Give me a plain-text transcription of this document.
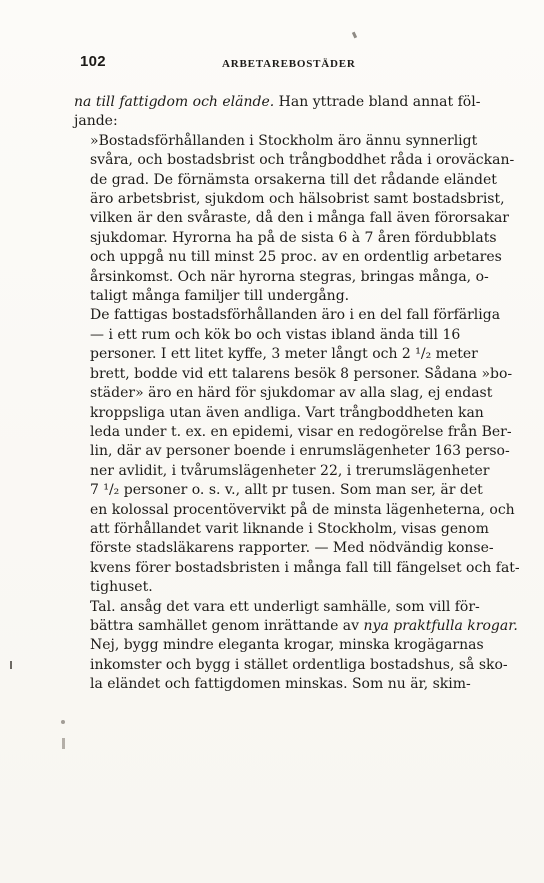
102	ARBETAREBOSTÄDER

na till fattigdom och elände. Han yttrade bland annat föl-
jande:

»Bostadsförhållanden i Stockholm äro ännu synnerligt
svåra, och bostadsbrist och trångboddhet råda i oroväckan-
de grad. De förnämsta orsakerna till det rådande eländet
äro arbetsbrist, sjukdom och hälsobrist samt bostadsbrist,
vilken är den svåraste, då den i många fall även förorsakar
sjukdomar. Hyrorna ha på de sista 6 à 7 åren fördubblats
och uppgå nu till minst 25 proc. av en ordentlig arbetares
årsinkomst. Och när hyrorna stegras, bringas många, o-
taligt många familjer till undergång.

De fattigas bostadsförhållanden äro i en del fall förfärliga
— i ett rum och kök bo och vistas ibland ända till 16
personer. I ett litet kyffe, 3 meter långt och 2 ¹/₂ meter
brett, bodde vid ett talarens besök 8 personer. Sådana »bo-
städer» äro en härd för sjukdomar av alla slag, ej endast
kroppsliga utan även andliga. Vart trångboddheten kan
leda under t. ex. en epidemi, visar en redogörelse från Ber-
lin, där av personer boende i enrumslägenheter 163 perso-
ner avlidit, i tvårumslägenheter 22, i trerumslägenheter
7 ¹/₂ personer o. s. v., allt pr tusen. Som man ser, är det
en kolossal procentövervikt på de minsta lägenheterna, och
att förhållandet varit liknande i Stockholm, visas genom
förste stadsläkarens rapporter. — Med nödvändig konse-
kvens förer bostadsbristen i många fall till fängelset och fat-
tighuset.

Tal. ansåg det vara ett underligt samhälle, som vill för-
bättra samhället genom inrättande av nya praktfulla krogar.
Nej, bygg mindre eleganta krogar, minska krogägarnas
inkomster och bygg i stället ordentliga bostadshus, så sko-
la eländet och fattigdomen minskas. Som nu är, skim-
